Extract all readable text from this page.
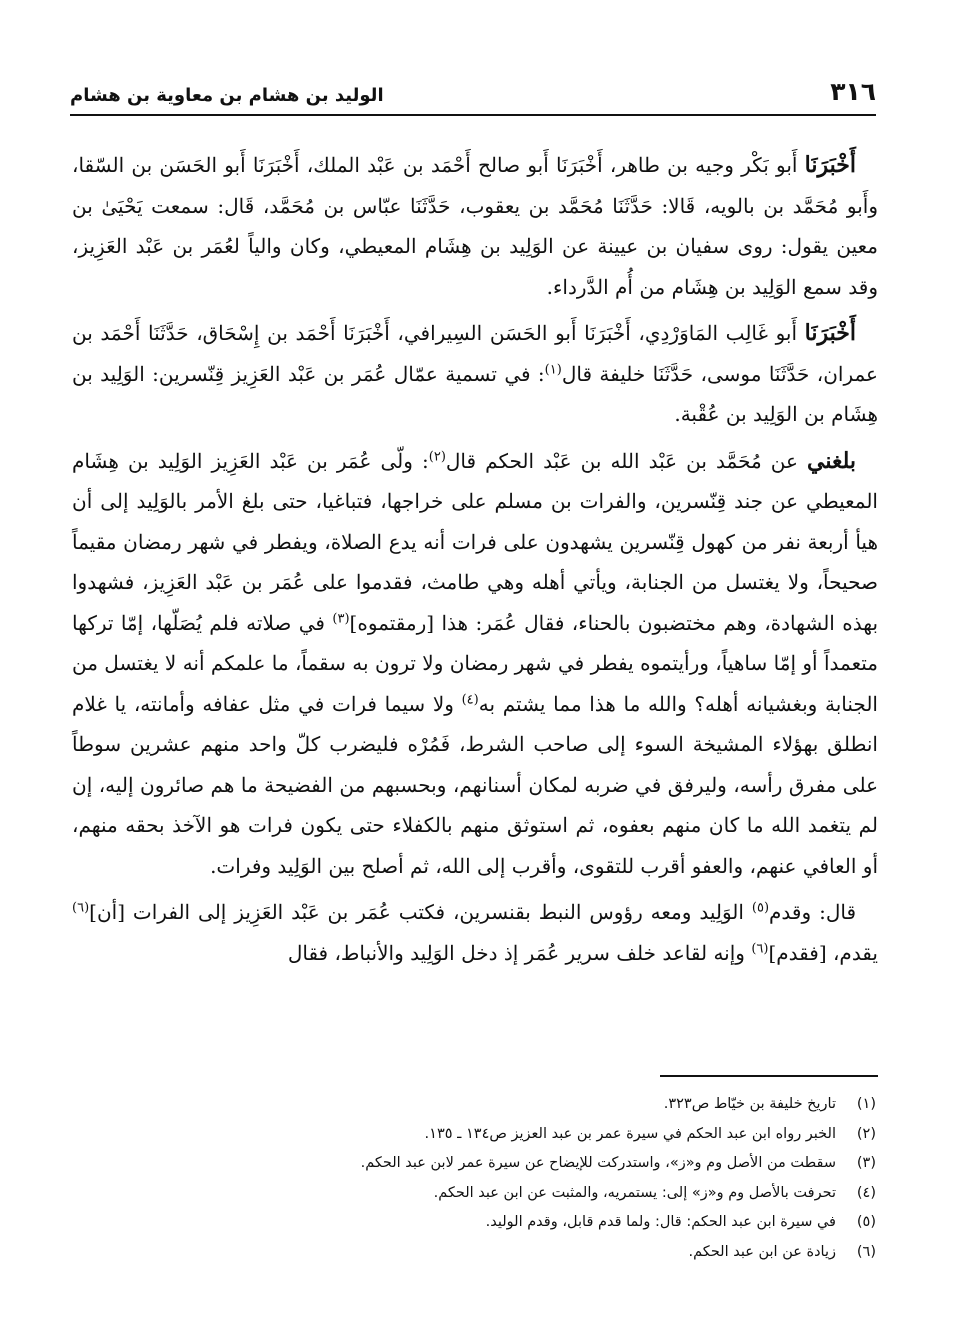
٣١٦
الوليد بن هشام بن معاوية بن هشام

أَخْبَرَنَا أَبو بَكْر وجيه بن طاهر، أَخْبَرَنَا أَبو صالح أَحْمَد بن عَبْد الملك، أَخْبَرَنَا أَبو الحَسَن بن السّقا، وأَبو مُحَمَّد بن بالويه، قَالا: حَدَّثَنَا مُحَمَّد بن يعقوب، حَدَّثَنَا عبّاس بن مُحَمَّد، قَال: سمعت يَحْيَىٰ بن معين يقول: روى سفيان بن عيينة عن الوَلِيد بن هِشَام المعيطي، وكان والياً لعُمَر بن عَبْد العَزِيز، وقد سمع الوَلِيد بن هِشَام من أُم الدَّرداء.

أَخْبَرَنَا أَبو غَالِب المَاوَرْدِي، أَخْبَرَنَا أَبو الحَسَن السِيرافي، أَخْبَرَنَا أَحْمَد بن إِسْحَاق، حَدَّثَنَا أَحْمَد بن عمران، حَدَّثَنَا موسى، حَدَّثَنَا خليفة قال$^{(١)}$: في تسمية عمّال عُمَر بن عَبْد العَزِيز قِنّسرين: الوَلِيد بن هِشَام بن الوَلِيد بن عُقْبة.

بلغني عن مُحَمَّد بن عَبْد الله بن عَبْد الحكم قال$^{(٢)}$: ولّى عُمَر بن عَبْد العَزِيز الوَلِيد بن هِشَام المعيطي عن جند قِنّسرين، والفرات بن مسلم على خراجها، فتباغيا، حتى بلغ الأمر بالوَلِيد إلى أن هيأ أربعة نفر من كهول قِنّسرين يشهدون على فرات أنه يدع الصلاة، ويفطر في شهر رمضان مقيماً صحيحاً، ولا يغتسل من الجنابة، ويأتي أهله وهي طامث، فقدموا على عُمَر بن عَبْد العَزِيز، فشهدوا بهذه الشهادة، وهم مختضبون بالحناء، فقال عُمَر: هذا [رمقتموه]$^{(٣)}$ في صلاته فلم يُصَلّها، إمّا تركها متعمداً أو إمّا ساهياً، ورأيتموه يفطر في شهر رمضان ولا ترون به سقماً، ما علمكم أنه لا يغتسل من الجنابة وبغشيانه أهله؟ والله ما هذا مما يشتم به$^{(٤)}$ ولا سيما فرات في مثل عفافه وأمانته، يا غلام انطلق بهؤلاء المشيخة السوء إلى صاحب الشرط، فَمُرْه فليضرب كلّ واحد منهم عشرين سوطاً على مفرق رأسه، وليرفق في ضربه لمكان أسنانهم، وبحسبهم من الفضيحة ما هم صائرون إليه، إن لم يتغمد الله ما كان منهم بعفوه، ثم استوثق منهم بالكفلاء حتى يكون فرات هو الآخذ بحقه منهم، أو العافي عنهم، والعفو أقرب للتقوى، وأقرب إلى الله، ثم أصلح بين الوَلِيد وفرات.

قال: وقدم$^{(٥)}$ الوَلِيد ومعه رؤوس النبط بقنسرين، فكتب عُمَر بن عَبْد العَزِيز إلى الفرات [أن]$^{(٦)}$ يقدم، [فقدم]$^{(٦)}$ وإنه لقاعد خلف سرير عُمَر إذ دخل الوَلِيد والأنباط، فقال

(١)
تاريخ خليفة بن خيّاط ص٣٢٣.
(٢)
الخبر رواه ابن عبد الحكم في سيرة عمر بن عبد العزيز ص١٣٤ ـ ١٣٥.
(٣)
سقطت من الأصل وم و«ز»، واستدركت للإيضاح عن سيرة عمر لابن عبد الحكم.
(٤)
تحرفت بالأصل وم و«ز» إلى: يستمريه، والمثبت عن ابن عبد الحكم.
(٥)
في سيرة ابن عبد الحكم: قال: ولما قدم قابل، وقدم الوليد.
(٦)
زيادة عن ابن عبد الحكم.
